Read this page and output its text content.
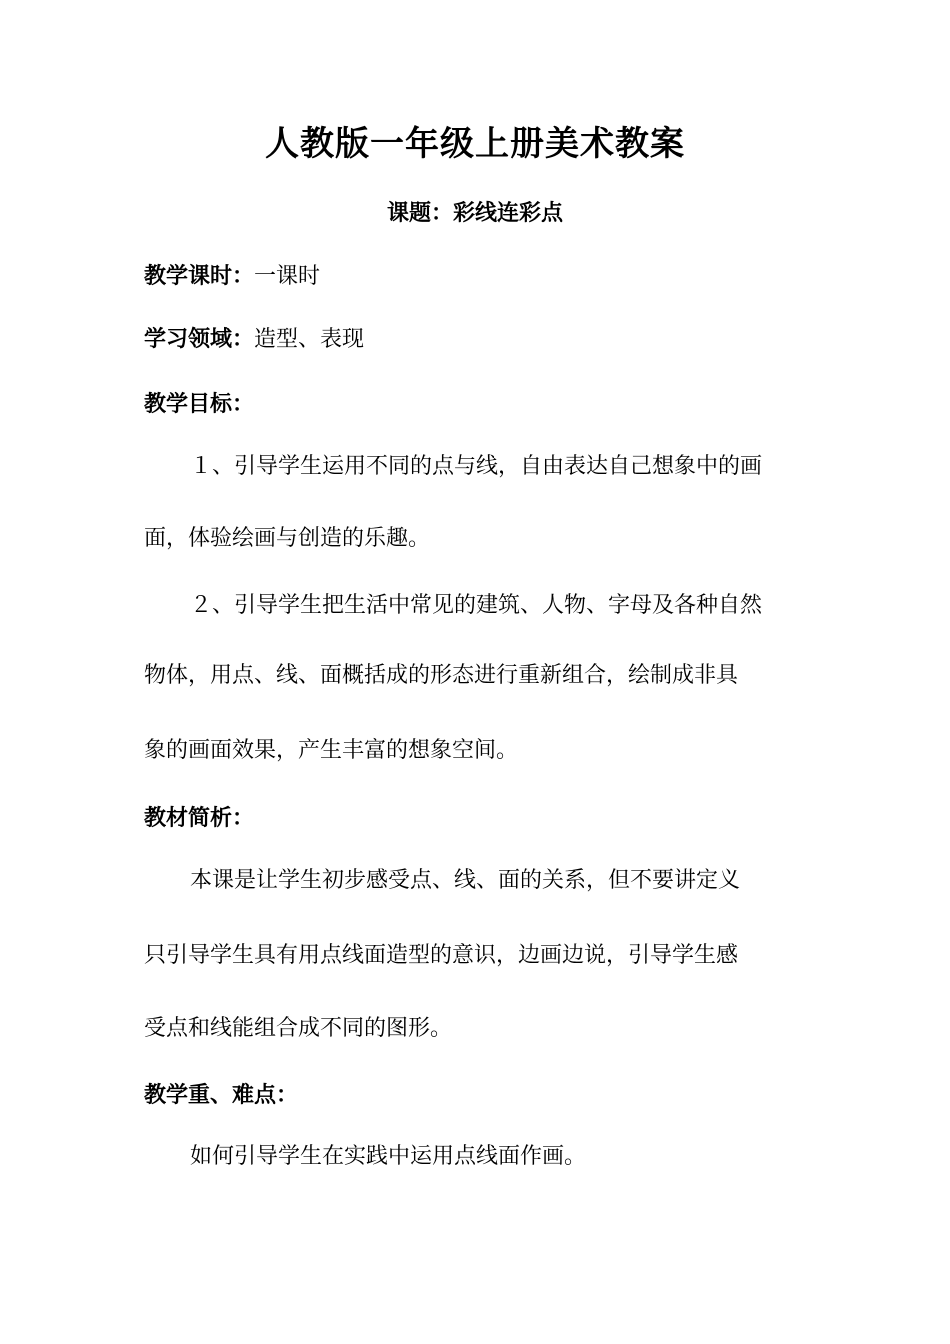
人教版一年级上册美术教案
课题：彩线连彩点
教学课时：一课时
学习领域：造型、表现
教学目标：
１、引导学生运用不同的点与线，自由表达自己想象中的画
面，体验绘画与创造的乐趣。
２、引导学生把生活中常见的建筑、人物、字母及各种自然
物体，用点、线、面概括成的形态进行重新组合，绘制成非具
象的画面效果，产生丰富的想象空间。
教材简析：
本课是让学生初步感受点、线、面的关系，但不要讲定义
只引导学生具有用点线面造型的意识，边画边说，引导学生感
受点和线能组合成不同的图形。
教学重、难点：
如何引导学生在实践中运用点线面作画。
